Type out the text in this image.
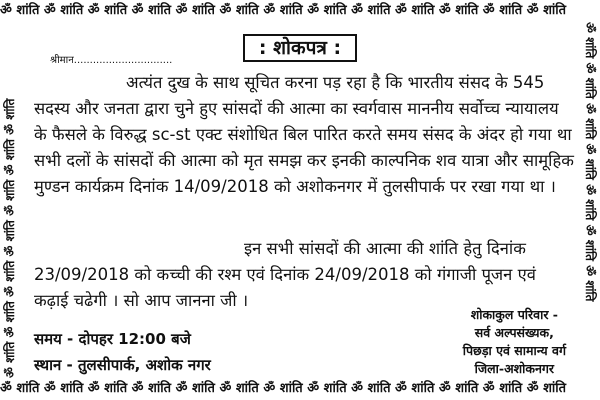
ॐ शांति ॐ शांति ॐ शांति ॐ शांति ॐ शांति ॐ शांति ॐ शांति ॐ शांति ॐ शांति ॐ शांति ॐ शांति ॐ शांति ॐ शांति
ॐ शांति ॐ शांति ॐ शांति ॐ शांति ॐ शांति ॐ शांति ॐ शांति ॐ शांति ॐ शांति ॐ शांति ॐ शांति ॐ शांति ॐ शांति
ॐ शांति ॐ शांति ॐ शांति ॐ शांति ॐ शांति ॐ शांति ॐ शांति	ॐ शांति ॐ शांति ॐ शांति ॐ शांति ॐ शांति ॐ शांति ॐ शांति
: शोकपत्र :
श्रीमान...............................
अत्यंत दुख के साथ सूचित करना पड़ रहा है कि भारतीय संसद के 545 सदस्य और जनता द्वारा चुने हुए सांसदों की आत्मा का स्वर्गवास माननीय सर्वोच्च न्यायालय के फैसले के विरुद्ध sc-st एक्ट संशोधित बिल पारित करते समय संसद के अंदर हो गया था सभी दलों के सांसदों की आत्मा को मृत समझ कर इनकी काल्पनिक शव यात्रा और सामूहिक मुण्डन कार्यक्रम दिनांक 14/09/2018 को अशोकनगर में तुलसीपार्क पर रखा गया था ।
इन सभी सांसदों की आत्मा की शांति हेतु दिनांक 23/09/2018 को कच्ची की रश्म एवं दिनांक 24/09/2018 को गंगाजी पूजन एवं कढ़ाई चढेगी । सो आप जानना जी ।
समय - दोपहर 12:00 बजे
स्थान - तुलसीपार्क, अशोक नगर
शोकाकुल परिवार -
सर्व अल्पसंख्यक,
पिछड़ा एवं सामान्य वर्ग
जिला-अशोकनगर
